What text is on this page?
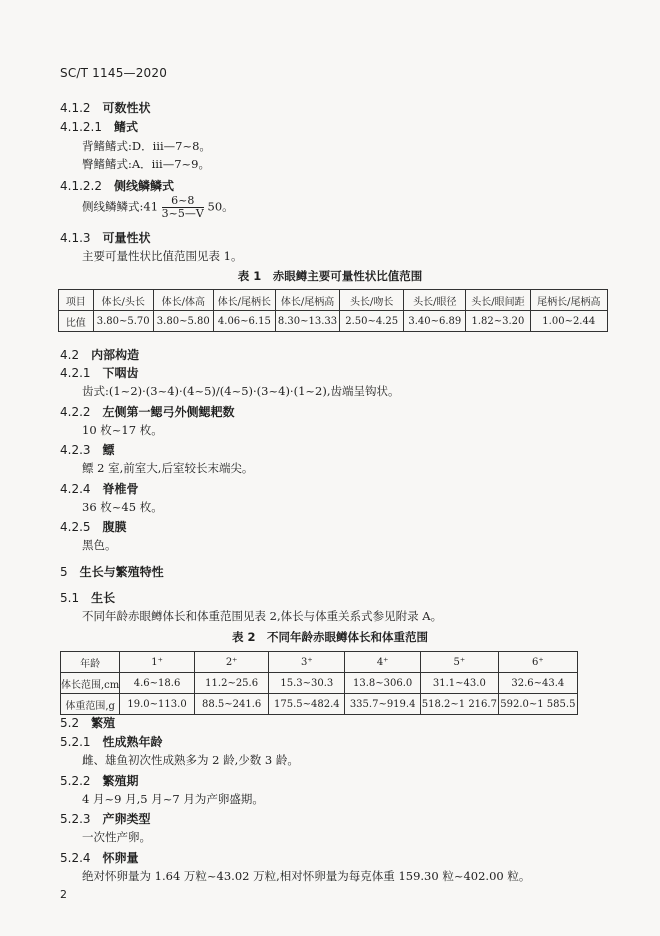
SC/T 1145—2020
4.1.2 可数性状
4.1.2.1 鳍式
背鳍鳍式:D．ⅲ—7~8。
臀鳍鳍式:A．ⅲ—7~9。
4.1.2.2 侧线鳞鳞式
侧线鳞鳞式:41 $\frac{6\sim 8}{3\sim 5—V} 50$。
4.1.3 可量性状
主要可量性状比值范围见表 1。
表 1　赤眼鳟主要可量性状比值范围
项目	体长/头长	体长/体高	体长/尾柄长	体长/尾柄高	头长/吻长	头长/眼径	头长/眼间距	尾柄长/尾柄高
比值	3.80~5.70	3.80~5.80	4.06~6.15	8.30~13.33	2.50~4.25	3.40~6.89	1.82~3.20	1.00~2.44
4.2 内部构造
4.2.1 下咽齿
齿式:(1~2)·(3~4)·(4~5)/(4~5)·(3~4)·(1~2),齿端呈钩状。
4.2.2 左侧第一鳃弓外侧鳃耙数
10 枚~17 枚。
4.2.3 鳔
鳔 2 室,前室大,后室较长末端尖。
4.2.4 脊椎骨
36 枚~45 枚。
4.2.5 腹膜
黑色。
5 生长与繁殖特性
5.1 生长
不同年龄赤眼鳟体长和体重范围见表 2,体长与体重关系式参见附录 A。
表 2　不同年龄赤眼鳟体长和体重范围
年龄	1⁺	2⁺	3⁺	4⁺	5⁺	6⁺
体长范围,cm	4.6~18.6	11.2~25.6	15.3~30.3	13.8~306.0	31.1~43.0	32.6~43.4
体重范围,g	19.0~113.0	88.5~241.6	175.5~482.4	335.7~919.4	518.2~1 216.7	592.0~1 585.5
5.2 繁殖
5.2.1 性成熟年龄
雌、雄鱼初次性成熟多为 2 龄,少数 3 龄。
5.2.2 繁殖期
4 月~9 月,5 月~7 月为产卵盛期。
5.2.3 产卵类型
一次性产卵。
5.2.4 怀卵量
绝对怀卵量为 1.64 万粒~43.02 万粒,相对怀卵量为每克体重 159.30 粒~402.00 粒。
2
